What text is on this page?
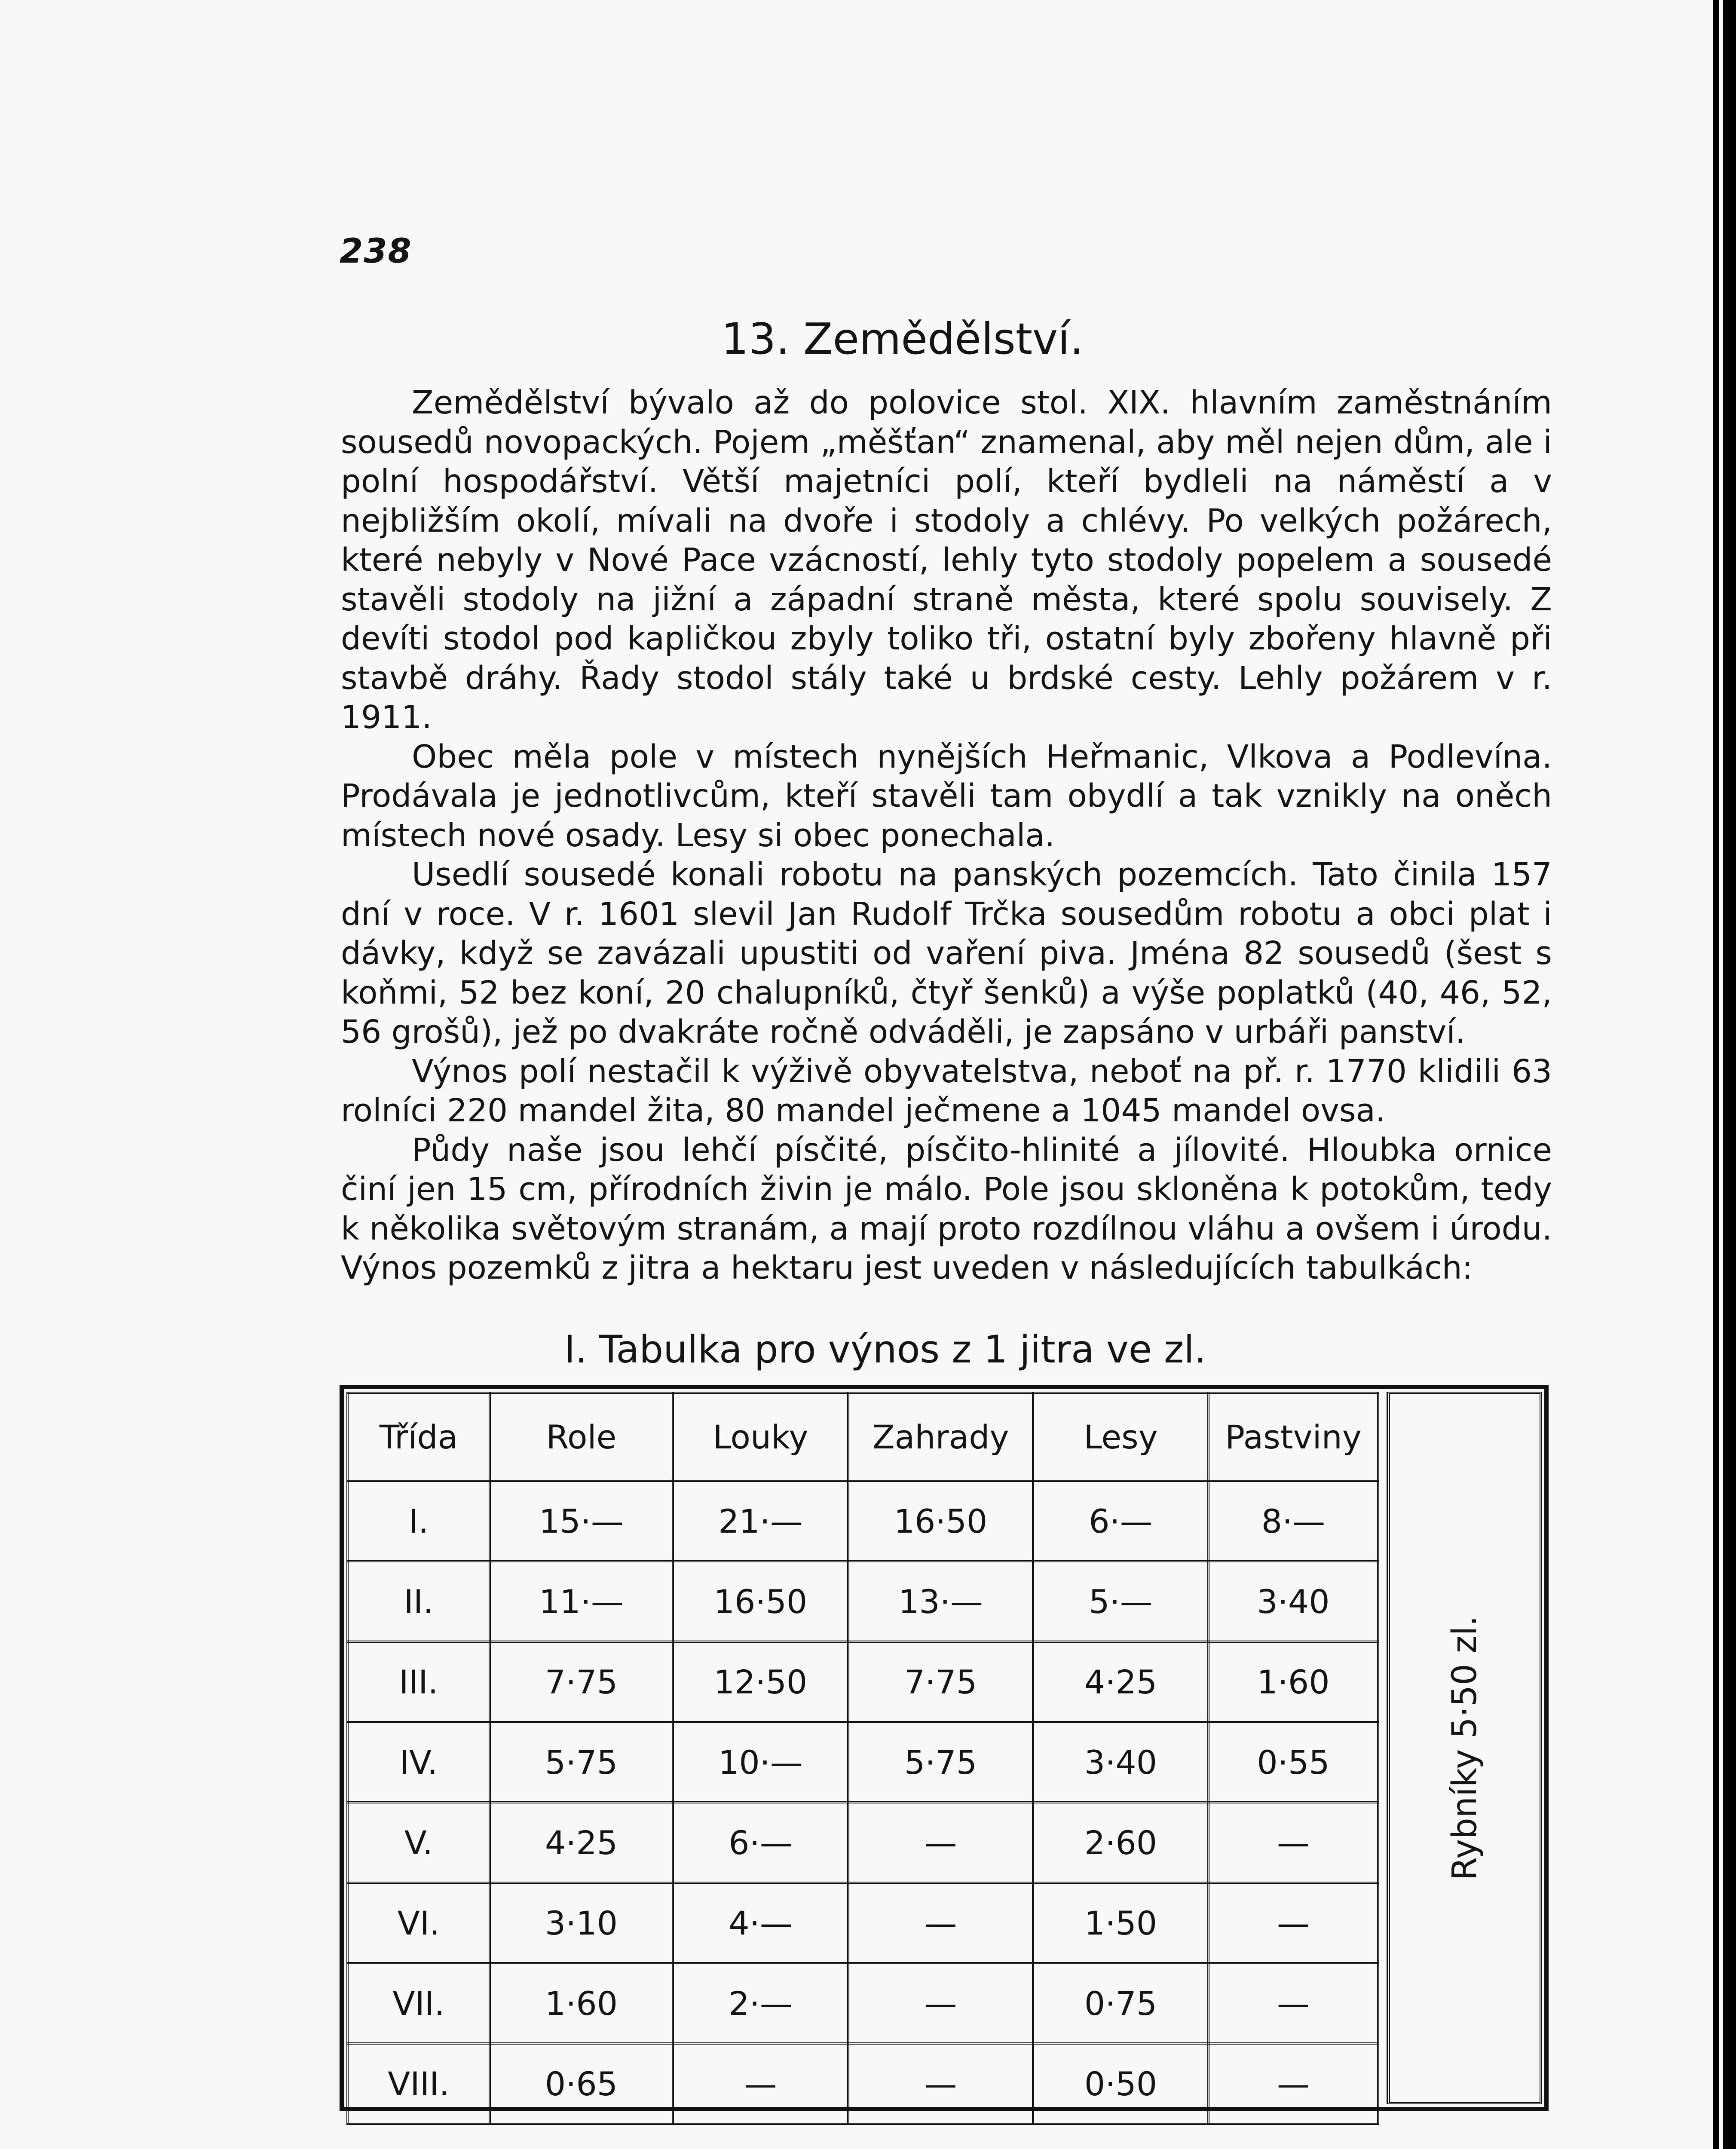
238
13. Zemědělství.

Zemědělství bývalo až do polovice stol. XIX. hlavním zaměstnáním sousedů novopackých. Pojem „měšťan“ znamenal, aby měl nejen dům, ale i polní hospodářství. Větší majetníci polí, kteří bydleli na náměstí a v nejbližším okolí, mívali na dvoře i stodoly a chlévy. Po velkých požárech, které nebyly v Nové Pace vzácností, lehly tyto stodoly popelem a sousedé stavěli stodoly na jižní a západní straně města, které spolu souvisely. Z devíti stodol pod kapličkou zbyly toliko tři, ostatní byly zbořeny hlavně při stavbě dráhy. Řady stodol stály také u brdské cesty. Lehly požárem v r. 1911.

Obec měla pole v místech nynějších Heřmanic, Vlkova a Podlevína. Prodávala je jednotlivcům, kteří stavěli tam obydlí a tak vznikly na oněch místech nové osady. Lesy si obec ponechala.

Usedlí sousedé konali robotu na panských pozemcích. Tato činila 157 dní v roce. V r. 1601 slevil Jan Rudolf Trčka sousedům robotu a obci plat i dávky, když se zavázali upustiti od vaření piva. Jména 82 sousedů (šest s koňmi, 52 bez koní, 20 chalupníků, čtyř šenků) a výše poplatků (40, 46, 52, 56 grošů), jež po dvakráte ročně odváděli, je zapsáno v urbáři panství.

Výnos polí nestačil k výživě obyvatelstva, neboť na př. r. 1770 klidili 63 rolníci 220 mandel žita, 80 mandel ječmene a 1045 mandel ovsa.

Půdy naše jsou lehčí písčité, písčito-hlinité a jílovité. Hloubka ornice činí jen 15 cm, přírodních živin je málo. Pole jsou skloněna k potokům, tedy k několika světovým stranám, a mají proto rozdílnou vláhu a ovšem i úrodu. Výnos pozemků z jitra a hektaru jest uveden v následujících tabulkách:

I. Tabulka pro výnos z 1 jitra ve zl.
Třída	Role	Louky	Zahrady	Lesy	Pastviny
I.	15·—	21·—	16·50	6·—	8·—
II.	11·—	16·50	13·—	5·—	3·40
III.	7·75	12·50	7·75	4·25	1·60
IV.	5·75	10·—	5·75	3·40	0·55
V.	4·25	6·—	—	2·60	—
VI.	3·10	4·—	—	1·50	—
VII.	1·60	2·—	—	0·75	—
VIII.	0·65	—	—	0·50	—
Rybníky 5·50 zl.
